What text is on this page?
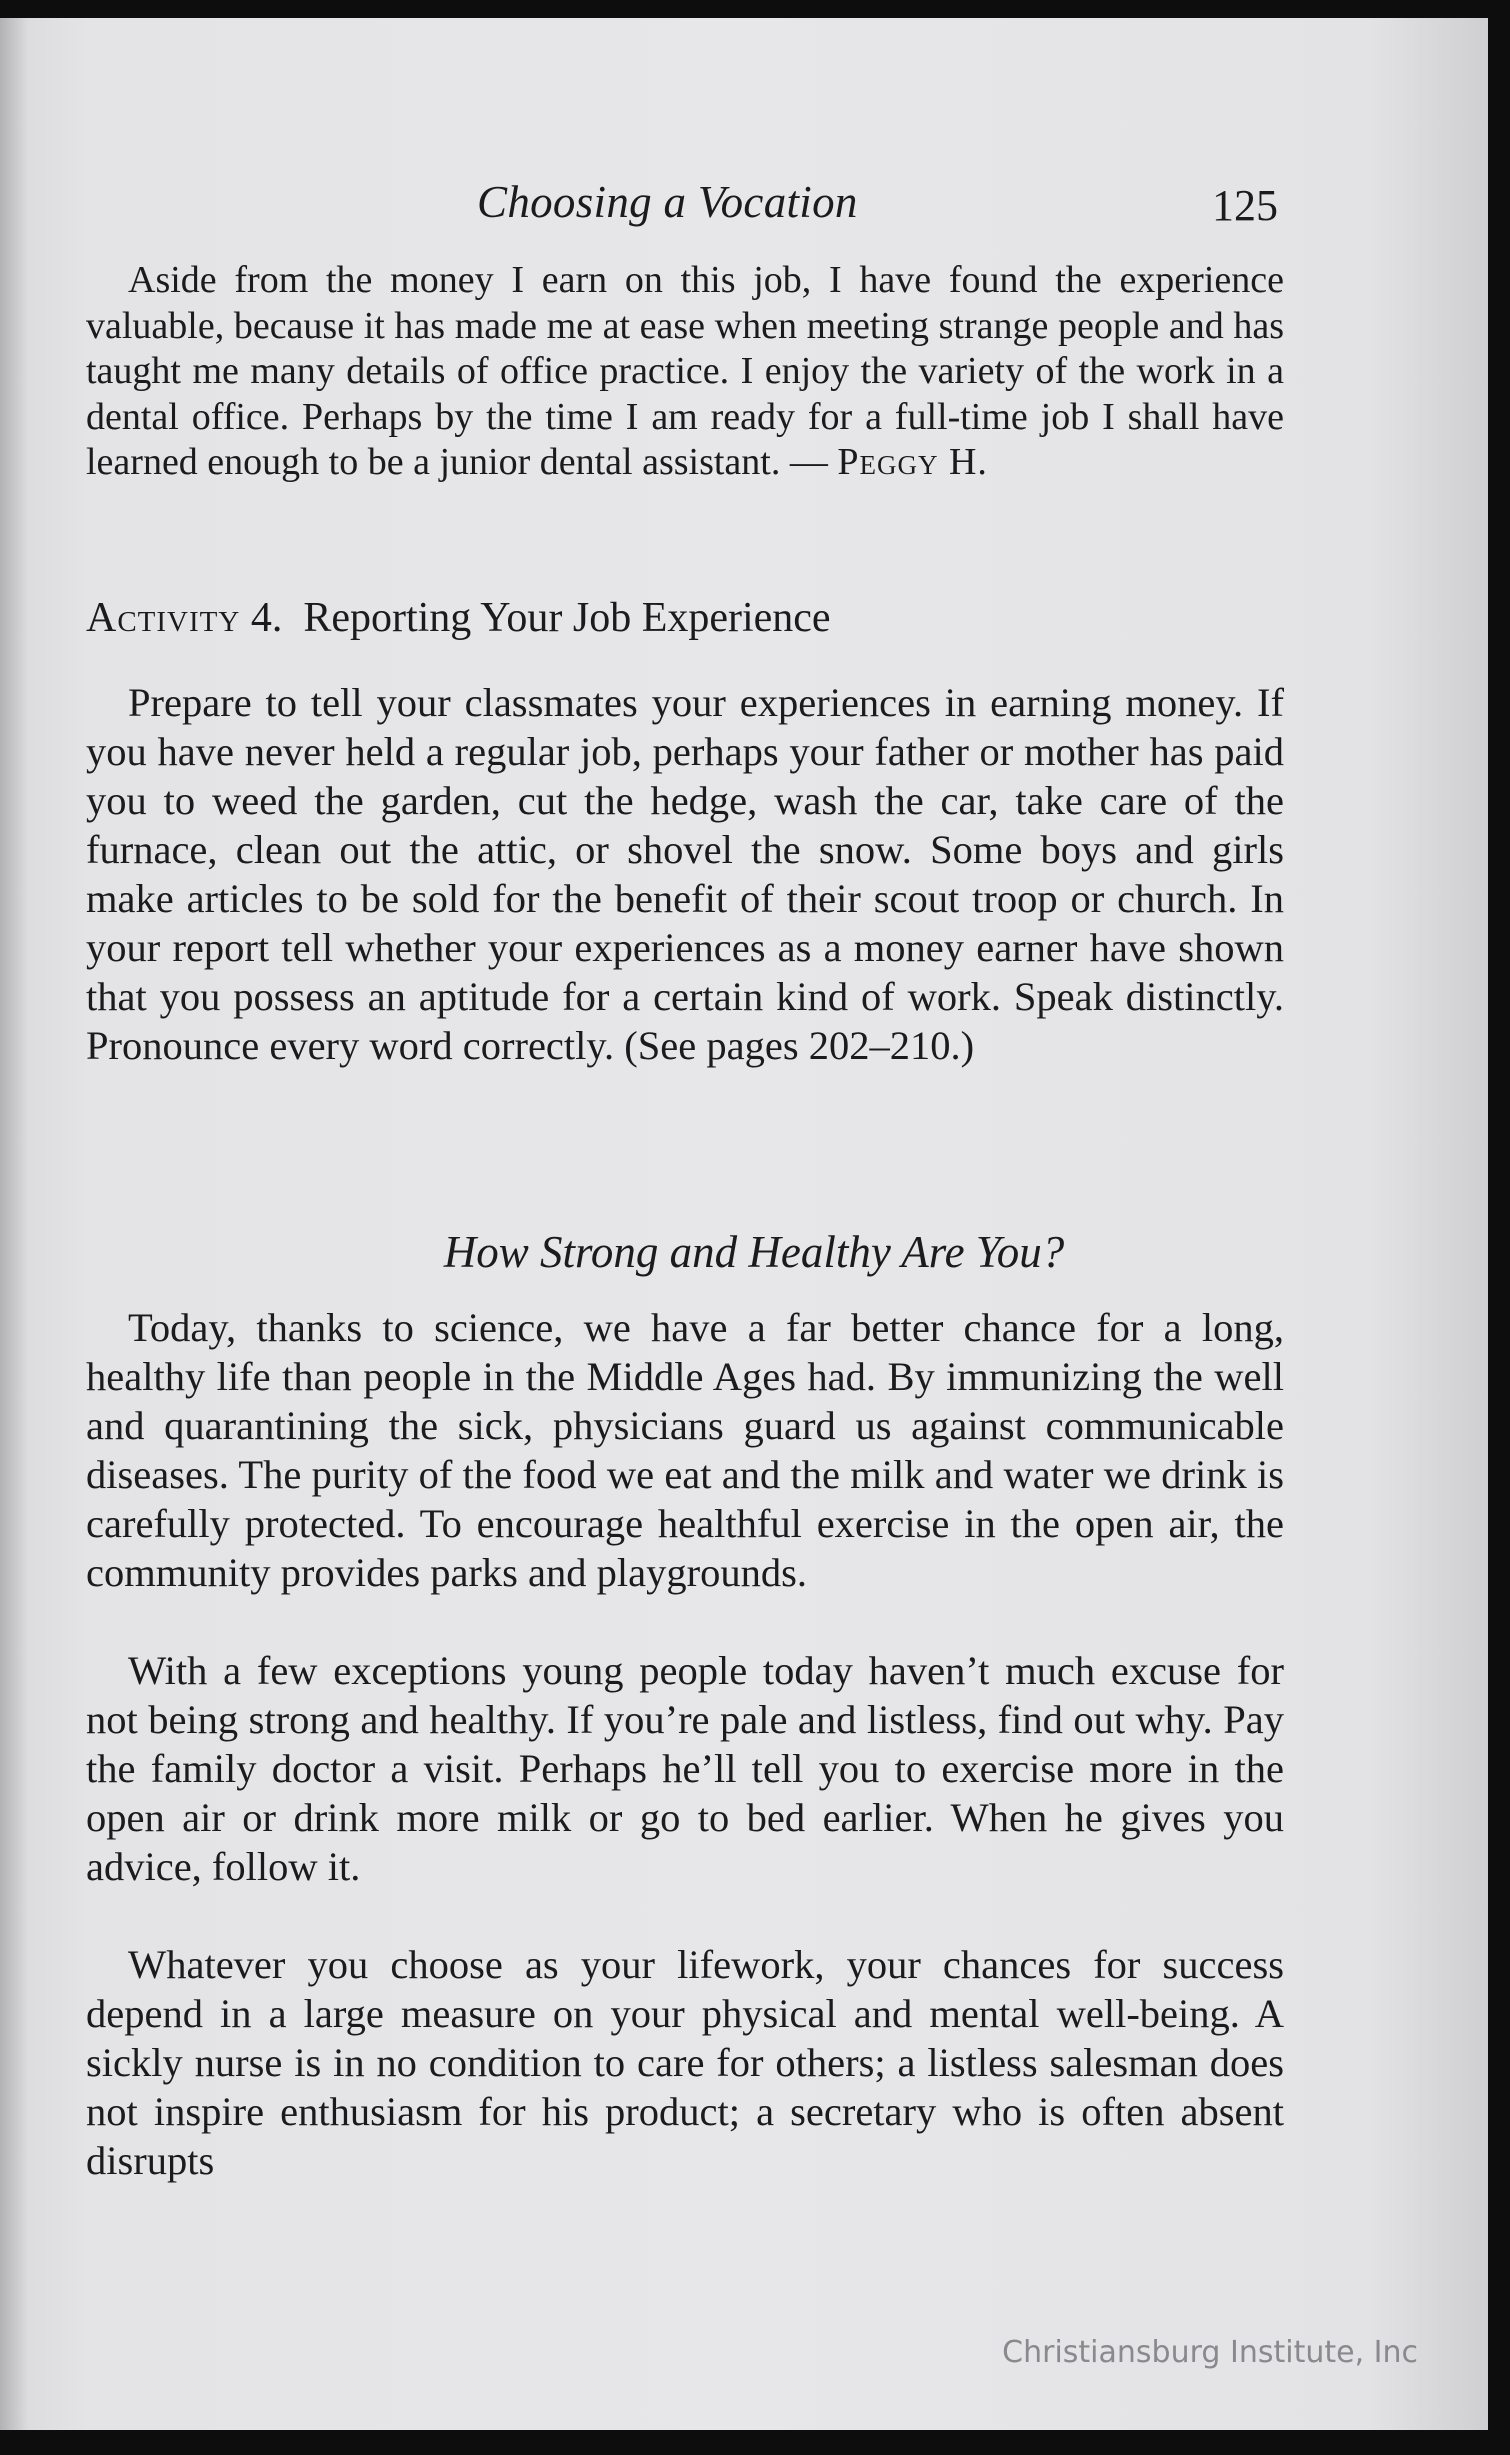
Choosing a Vocation	125

Aside from the money I earn on this job, I have found the experience valuable, because it has made me at ease when meeting strange people and has taught me many details of office practice. I enjoy the variety of the work in a dental office. Perhaps by the time I am ready for a full-time job I shall have learned enough to be a junior dental assistant. — Peggy H.

Activity 4. Reporting Your Job Experience

Prepare to tell your classmates your experiences in earning money. If you have never held a regular job, perhaps your father or mother has paid you to weed the garden, cut the hedge, wash the car, take care of the furnace, clean out the attic, or shovel the snow. Some boys and girls make articles to be sold for the benefit of their scout troop or church. In your report tell whether your experiences as a money earner have shown that you possess an aptitude for a certain kind of work. Speak distinctly. Pronounce every word correctly. (See pages 202–210.)

How Strong and Healthy Are You?

Today, thanks to science, we have a far better chance for a long, healthy life than people in the Middle Ages had. By immunizing the well and quarantining the sick, physicians guard us against communicable diseases. The purity of the food we eat and the milk and water we drink is carefully protected. To encourage healthful exercise in the open air, the community provides parks and playgrounds.

With a few exceptions young people today haven’t much excuse for not being strong and healthy. If you’re pale and listless, find out why. Pay the family doctor a visit. Perhaps he’ll tell you to exercise more in the open air or drink more milk or go to bed earlier. When he gives you advice, follow it.

Whatever you choose as your lifework, your chances for success depend in a large measure on your physical and mental well-being. A sickly nurse is in no condition to care for others; a listless salesman does not inspire enthusiasm for his product; a secretary who is often absent disrupts

Christiansburg Institute, Inc
